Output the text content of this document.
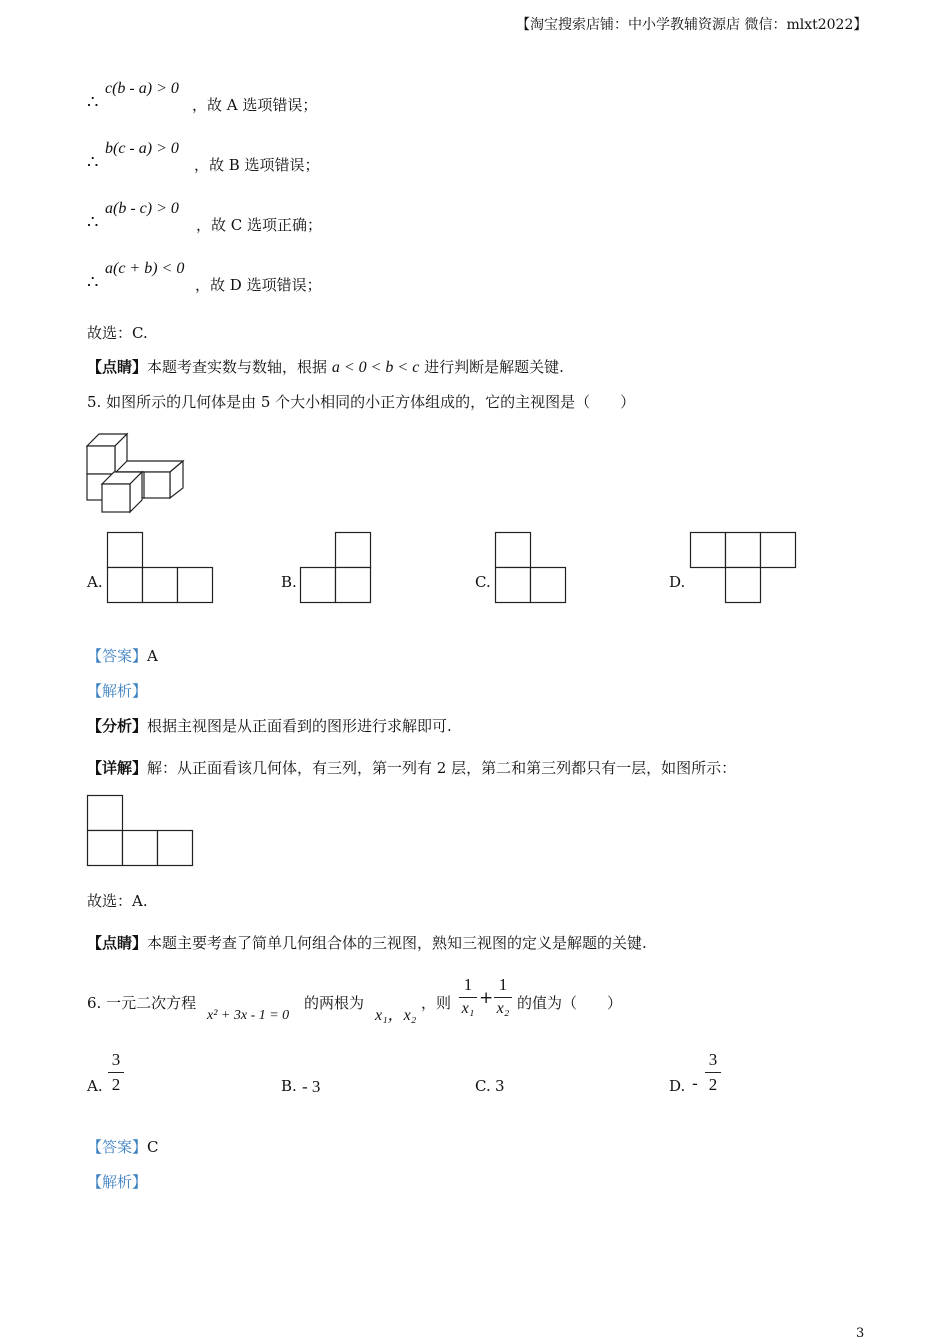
【淘宝搜索店铺：中小学教辅资源店 微信：mlxt2022】
∴
c(b - a) > 0
，故 A 选项错误；
∴
b(c - a) > 0
，故 B 选项错误；
∴
a(b - c) > 0
，故 C 选项正确；
∴
a(c + b) < 0
，故 D 选项错误；
故选：C.
【点睛】本题考查实数与数轴，根据 a < 0 < b < c 进行判断是解题关键.
5. 如图所示的几何体是由 5 个大小相同的小正方体组成的，它的主视图是（　　）
A.	B.	C.	D.
【答案】A
【解析】
【分析】根据主视图是从正面看到的图形进行求解即可.
【详解】解：从正面看该几何体，有三列，第一列有 2 层，第二和第三列都只有一层，如图所示：
故选：A.
【点睛】本题主要考查了简单几何组合体的三视图，熟知三视图的定义是解题的关键.
6. 一元二次方程
x² + 3x - 1 = 0
的两根为
x₁，x₂
，则
1
x₁
+
1
x₂ 的值为（　　）
A.
3
2	B. - 3	C. 3	D. -
3
2
【答案】C
【解析】
3
